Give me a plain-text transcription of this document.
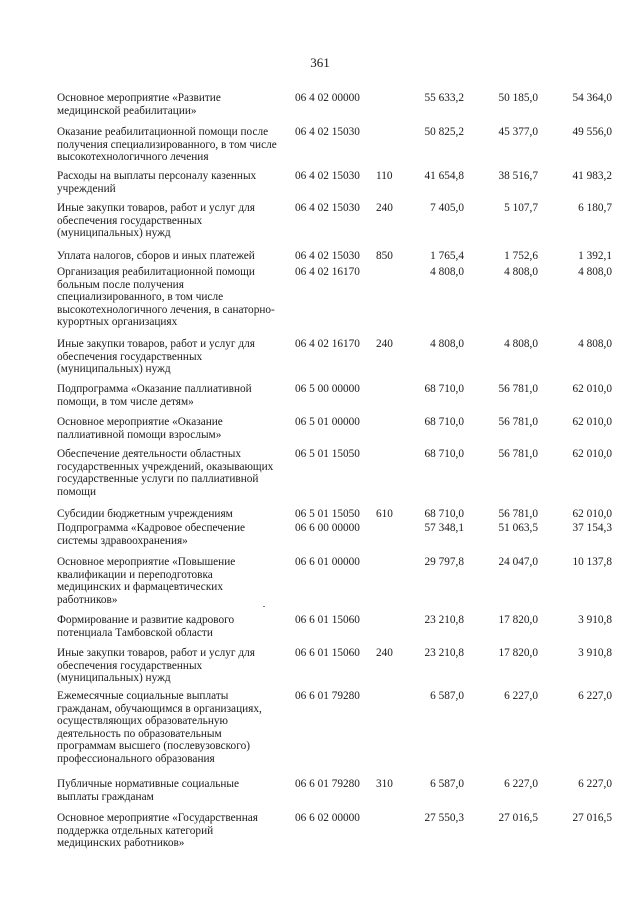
361
Основное мероприятие «Развитие медицинской реабилитации»
06 4 02 00000	55 633,2	50 185,0	54 364,0
Оказание реабилитационной помощи после получения специализированного, в том числе высокотехнологичного лечения
06 4 02 15030	50 825,2	45 377,0	49 556,0
Расходы на выплаты персоналу казенных учреждений
06 4 02 15030 110	41 654,8	38 516,7	41 983,2
Иные закупки товаров, работ и услуг для обеспечения государственных (муниципальных) нужд
06 4 02 15030 240	7 405,0	5 107,7	6 180,7
Уплата налогов, сборов и иных платежей	06 4 02 15030 850	1 765,4	1 752,6	1 392,1
Организация реабилитационной помощи больным после получения специализированного, в том числе высокотехнологичного лечения, в санаторно-курортных организациях
06 4 02 16170	4 808,0	4 808,0	4 808,0
Иные закупки товаров, работ и услуг для обеспечения государственных (муниципальных) нужд
06 4 02 16170 240	4 808,0	4 808,0	4 808,0
Подпрограмма «Оказание паллиативной помощи, в том числе детям»
06 5 00 00000	68 710,0	56 781,0	62 010,0
Основное мероприятие «Оказание паллиативной помощи взрослым»
06 5 01 00000	68 710,0	56 781,0	62 010,0
Обеспечение деятельности областных государственных учреждений, оказывающих государственные услуги по паллиативной помощи
06 5 01 15050	68 710,0	56 781,0	62 010,0
Субсидии бюджетным учреждениям	06 5 01 15050 610	68 710,0	56 781,0	62 010,0
Подпрограмма «Кадровое обеспечение системы здравоохранения»
06 6 00 00000	57 348,1	51 063,5	37 154,3
Основное мероприятие «Повышение квалификации и переподготовка медицинских и фармацевтических работников»
06 6 01 00000	29 797,8	24 047,0	10 137,8
Формирование и развитие кадрового потенциала Тамбовской области
06 6 01 15060	23 210,8	17 820,0	3 910,8
Иные закупки товаров, работ и услуг для обеспечения государственных (муниципальных) нужд
06 6 01 15060 240	23 210,8	17 820,0	3 910,8
Ежемесячные социальные выплаты гражданам, обучающимся в организациях, осуществляющих образовательную деятельность по образовательным программам высшего (послевузовского) профессионального образования
06 6 01 79280	6 587,0	6 227,0	6 227,0
Публичные нормативные социальные выплаты гражданам
06 6 01 79280 310	6 587,0	6 227,0	6 227,0
Основное мероприятие «Государственная поддержка отдельных категорий медицинских работников»
06 6 02 00000	27 550,3	27 016,5	27 016,5
